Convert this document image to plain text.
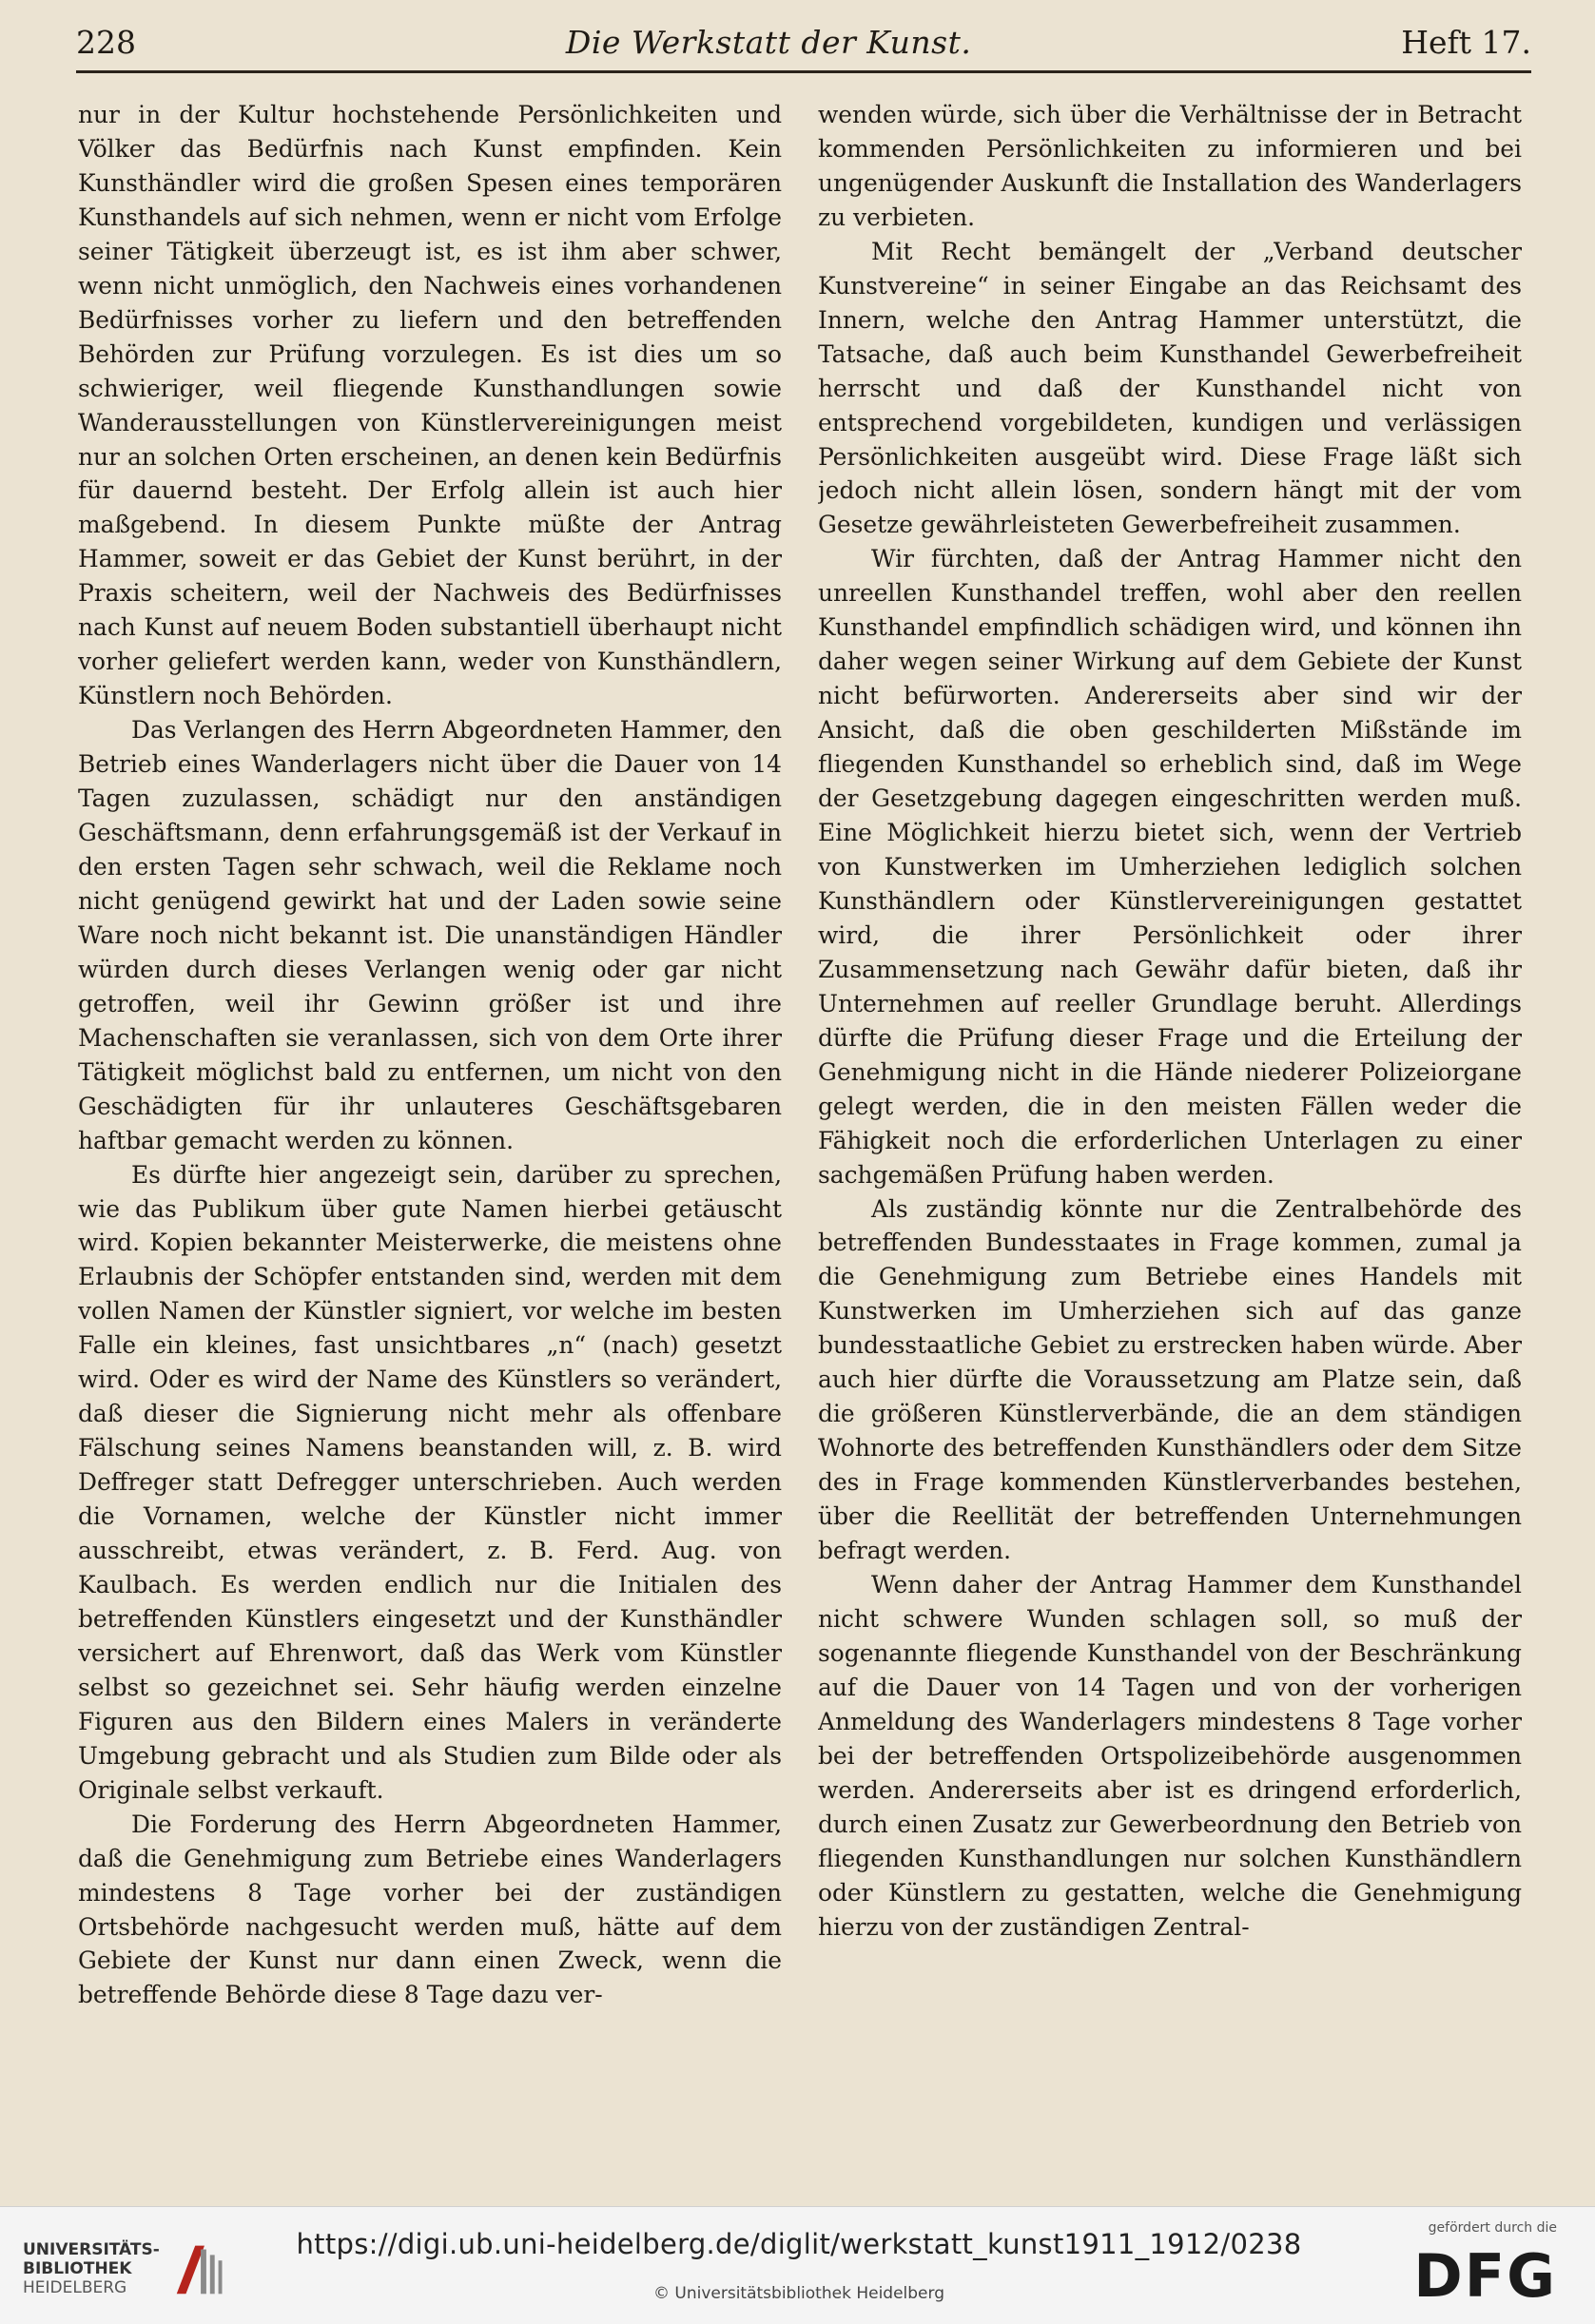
228	Die Werkstatt der Kunst.	Heft 17.

nur in der Kultur hochstehende Persönlichkeiten und Völker das Bedürfnis nach Kunst empfinden. Kein Kunsthändler wird die großen Spesen eines temporären Kunsthandels auf sich nehmen, wenn er nicht vom Erfolge seiner Tätigkeit überzeugt ist, es ist ihm aber schwer, wenn nicht unmöglich, den Nachweis eines vorhandenen Bedürfnisses vorher zu liefern und den betreffenden Behörden zur Prüfung vorzulegen. Es ist dies um so schwieriger, weil fliegende Kunsthandlungen sowie Wanderausstellungen von Künstlervereinigungen meist nur an solchen Orten erscheinen, an denen kein Bedürfnis für dauernd besteht. Der Erfolg allein ist auch hier maßgebend. In diesem Punkte müßte der Antrag Hammer, soweit er das Gebiet der Kunst berührt, in der Praxis scheitern, weil der Nachweis des Bedürfnisses nach Kunst auf neuem Boden substantiell überhaupt nicht vorher geliefert werden kann, weder von Kunsthändlern, Künstlern noch Behörden.

Das Verlangen des Herrn Abgeordneten Hammer, den Betrieb eines Wanderlagers nicht über die Dauer von 14 Tagen zuzulassen, schädigt nur den anständigen Geschäftsmann, denn erfahrungsgemäß ist der Verkauf in den ersten Tagen sehr schwach, weil die Reklame noch nicht genügend gewirkt hat und der Laden sowie seine Ware noch nicht bekannt ist. Die unanständigen Händler würden durch dieses Verlangen wenig oder gar nicht getroffen, weil ihr Gewinn größer ist und ihre Machenschaften sie veranlassen, sich von dem Orte ihrer Tätigkeit möglichst bald zu entfernen, um nicht von den Geschädigten für ihr unlauteres Geschäftsgebaren haftbar gemacht werden zu können.

Es dürfte hier angezeigt sein, darüber zu sprechen, wie das Publikum über gute Namen hierbei getäuscht wird. Kopien bekannter Meisterwerke, die meistens ohne Erlaubnis der Schöpfer entstanden sind, werden mit dem vollen Namen der Künstler signiert, vor welche im besten Falle ein kleines, fast unsichtbares „n“ (nach) gesetzt wird. Oder es wird der Name des Künstlers so verändert, daß dieser die Signierung nicht mehr als offenbare Fälschung seines Namens beanstanden will, z. B. wird Deffreger statt Defregger unterschrieben. Auch werden die Vornamen, welche der Künstler nicht immer ausschreibt, etwas verändert, z. B. Ferd. Aug. von Kaulbach. Es werden endlich nur die Initialen des betreffenden Künstlers eingesetzt und der Kunsthändler versichert auf Ehrenwort, daß das Werk vom Künstler selbst so gezeichnet sei. Sehr häufig werden einzelne Figuren aus den Bildern eines Malers in veränderte Umgebung gebracht und als Studien zum Bilde oder als Originale selbst verkauft.

Die Forderung des Herrn Abgeordneten Hammer, daß die Genehmigung zum Betriebe eines Wanderlagers mindestens 8 Tage vorher bei der zuständigen Ortsbehörde nachgesucht werden muß, hätte auf dem Gebiete der Kunst nur dann einen Zweck, wenn die betreffende Behörde diese 8 Tage dazu ver-

wenden würde, sich über die Verhältnisse der in Betracht kommenden Persönlichkeiten zu informieren und bei ungenügender Auskunft die Installation des Wanderlagers zu verbieten.

Mit Recht bemängelt der „Verband deutscher Kunstvereine“ in seiner Eingabe an das Reichsamt des Innern, welche den Antrag Hammer unterstützt, die Tatsache, daß auch beim Kunsthandel Gewerbefreiheit herrscht und daß der Kunsthandel nicht von entsprechend vorgebildeten, kundigen und verlässigen Persönlichkeiten ausgeübt wird. Diese Frage läßt sich jedoch nicht allein lösen, sondern hängt mit der vom Gesetze gewährleisteten Gewerbefreiheit zusammen.

Wir fürchten, daß der Antrag Hammer nicht den unreellen Kunsthandel treffen, wohl aber den reellen Kunsthandel empfindlich schädigen wird, und können ihn daher wegen seiner Wirkung auf dem Gebiete der Kunst nicht befürworten. Andererseits aber sind wir der Ansicht, daß die oben geschilderten Mißstände im fliegenden Kunsthandel so erheblich sind, daß im Wege der Gesetzgebung dagegen eingeschritten werden muß. Eine Möglichkeit hierzu bietet sich, wenn der Vertrieb von Kunstwerken im Umherziehen lediglich solchen Kunsthändlern oder Künstlervereinigungen gestattet wird, die ihrer Persönlichkeit oder ihrer Zusammensetzung nach Gewähr dafür bieten, daß ihr Unternehmen auf reeller Grundlage beruht. Allerdings dürfte die Prüfung dieser Frage und die Erteilung der Genehmigung nicht in die Hände niederer Polizeiorgane gelegt werden, die in den meisten Fällen weder die Fähigkeit noch die erforderlichen Unterlagen zu einer sachgemäßen Prüfung haben werden.

Als zuständig könnte nur die Zentralbehörde des betreffenden Bundesstaates in Frage kommen, zumal ja die Genehmigung zum Betriebe eines Handels mit Kunstwerken im Umherziehen sich auf das ganze bundesstaatliche Gebiet zu erstrecken haben würde. Aber auch hier dürfte die Voraussetzung am Platze sein, daß die größeren Künstlerverbände, die an dem ständigen Wohnorte des betreffenden Kunsthändlers oder dem Sitze des in Frage kommenden Künstlerverbandes bestehen, über die Reellität der betreffenden Unternehmungen befragt werden.

Wenn daher der Antrag Hammer dem Kunsthandel nicht schwere Wunden schlagen soll, so muß der sogenannte fliegende Kunsthandel von der Beschränkung auf die Dauer von 14 Tagen und von der vorherigen Anmeldung des Wanderlagers mindestens 8 Tage vorher bei der betreffenden Ortspolizeibehörde ausgenommen werden. Andererseits aber ist es dringend erforderlich, durch einen Zusatz zur Gewerbeordnung den Betrieb von fliegenden Kunsthandlungen nur solchen Kunsthändlern oder Künstlern zu gestatten, welche die Genehmigung hierzu von der zuständigen Zentral-

UNIVERSITÄTS-
BIBLIOTHEK
HEIDELBERG
https://digi.ub.uni-heidelberg.de/diglit/werkstatt_kunst1911_1912/0238
© Universitätsbibliothek Heidelberg
gefördert durch die
DFG
